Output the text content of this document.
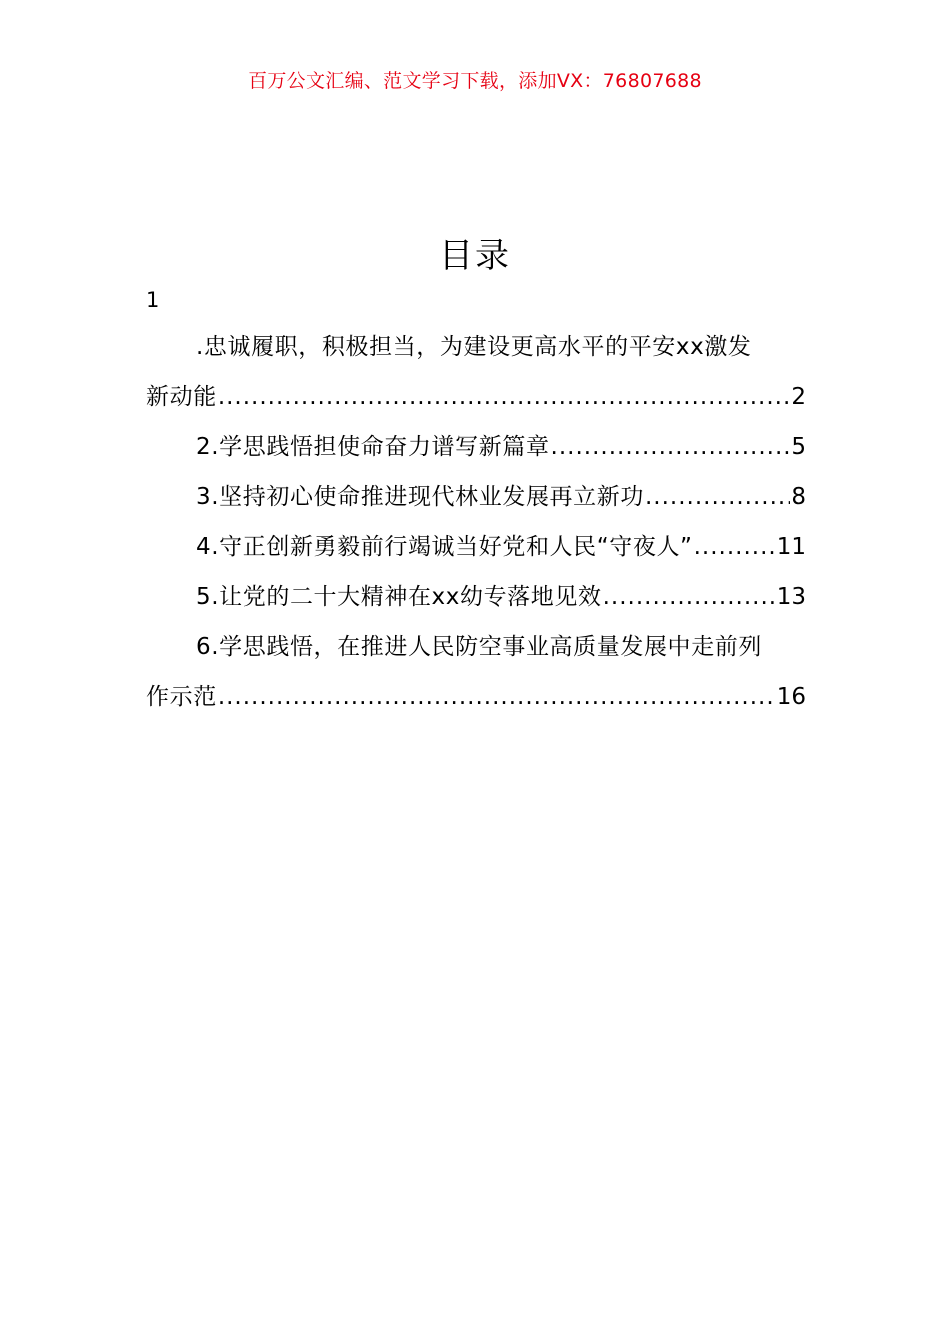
百万公文汇编、范文学习下载，添加VX：76807688
目录
1
.忠诚履职，积极担当，为建设更高水平的平安xx激发
新动能 .....	2
2.学思践悟担使命奋力谱写新篇章 .....	5
3.坚持初心使命推进现代林业发展再立新功 .....	8
4.守正创新勇毅前行竭诚当好党和人民“守夜人” .....	11
5.让党的二十大精神在xx幼专落地见效 .....	13
6.学思践悟，在推进人民防空事业高质量发展中走前列
作示范 .....	16
